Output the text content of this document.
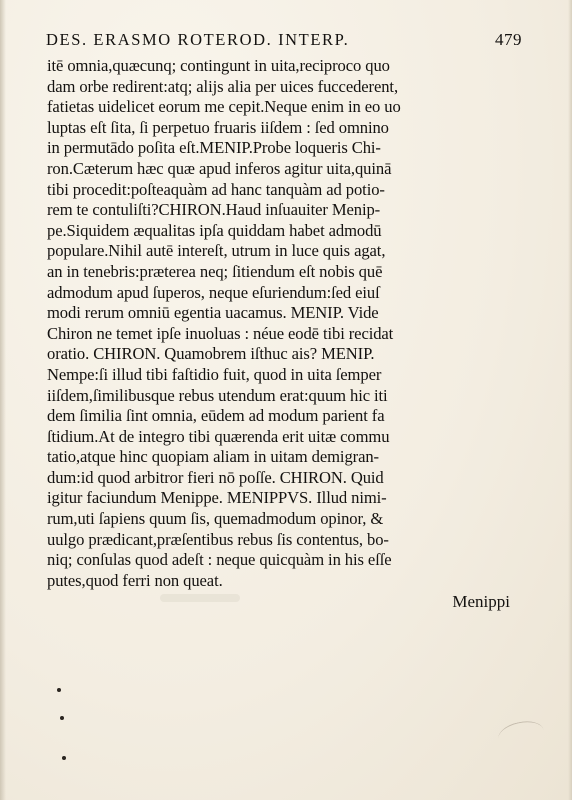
DES. ERASMO ROTEROD. INTERP.	479
itē omnia,quæcunq; contingunt in uita,reciproco quo
dam orbe redirent:atq; alijs alia per uices fuccederent,
fatietas uidelicet eorum me cepit.Neque enim in eo uo
luptas eſt ſita, ſi perpetuo fruaris iiſdem : ſed omnino
in permutādo poſita eſt.MENIP.Probe loqueris Chi-
ron.Cæterum hæc quæ apud inferos agitur uita,quinā
tibi procedit:poſteaquàm ad hanc tanquàm ad potio-
rem te contuliſti?CHIRON.Haud inſuauiter Menip-
pe.Siquidem æqualitas ipſa quiddam habet admodū
populare.Nihil autē intereſt, utrum in luce quis agat,
an in tenebris:præterea neq; ſitiendum eſt nobis quē
admodum apud ſuperos, neque eſuriendum:ſed eiuſ
modi rerum omniū egentia uacamus. MENIP. Vide
Chiron ne temet ipſe inuoluas : néue eodē tibi recidat
oratio. CHIRON. Quamobrem iſthuc ais? MENIP.
Nempe:ſi illud tibi faſtidio fuit, quod in uita ſemper
iiſdem,ſimilibusque rebus utendum erat:quum hic iti
dem ſimilia ſint omnia, eūdem ad modum parient fa
ſtidium.At de integro tibi quærenda erit uitæ commu
tatio,atque hinc quopiam aliam in uitam demigran-
dum:id quod arbitror fieri nō poſſe. CHIRON. Quid
igitur faciundum Menippe. MENIPPVS. Illud nimi-
rum,uti ſapiens quum ſis, quemadmodum opinor, &
uulgo prædicant,præſentibus rebus ſis contentus, bo-
niq; conſulas quod adeſt : neque quicquàm in his eſſe
putes,quod ferri non queat.
Menippi
